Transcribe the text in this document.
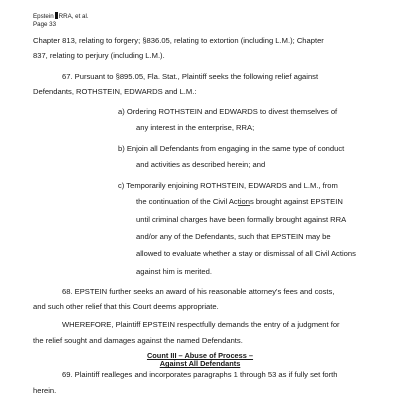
Epstein RRA, et al.
Page 33
Chapter 813, relating to forgery; §836.05, relating to extortion (including L.M.); Chapter
837, relating to perjury (including L.M.).
67. Pursuant to §895.05, Fla. Stat., Plaintiff seeks the following relief against
Defendants, ROTHSTEIN, EDWARDS and L.M.:
a) Ordering ROTHSTEIN and EDWARDS to divest themselves of
any interest in the enterprise, RRA;
b) Enjoin all Defendants from engaging in the same type of conduct
and activities as described herein; and
c) Temporarily enjoining ROTHSTEIN, EDWARDS and L.M., from
the continuation of the Civil Actions brought against EPSTEIN
until criminal charges have been formally brought against RRA
and/or any of the Defendants, such that EPSTEIN may be
allowed to evaluate whether a stay or dismissal of all Civil Actions
against him is merited.
68. EPSTEIN further seeks an award of his reasonable attorney's fees and costs,
and such other relief that this Court deems appropriate.
WHEREFORE, Plaintiff EPSTEIN respectfully demands the entry of a judgment for
the relief sought and damages against the named Defendants.
Count III – Abuse of Process –
Against All Defendants
69. Plaintiff realleges and incorporates paragraphs 1 through 53 as if fully set forth
herein.
